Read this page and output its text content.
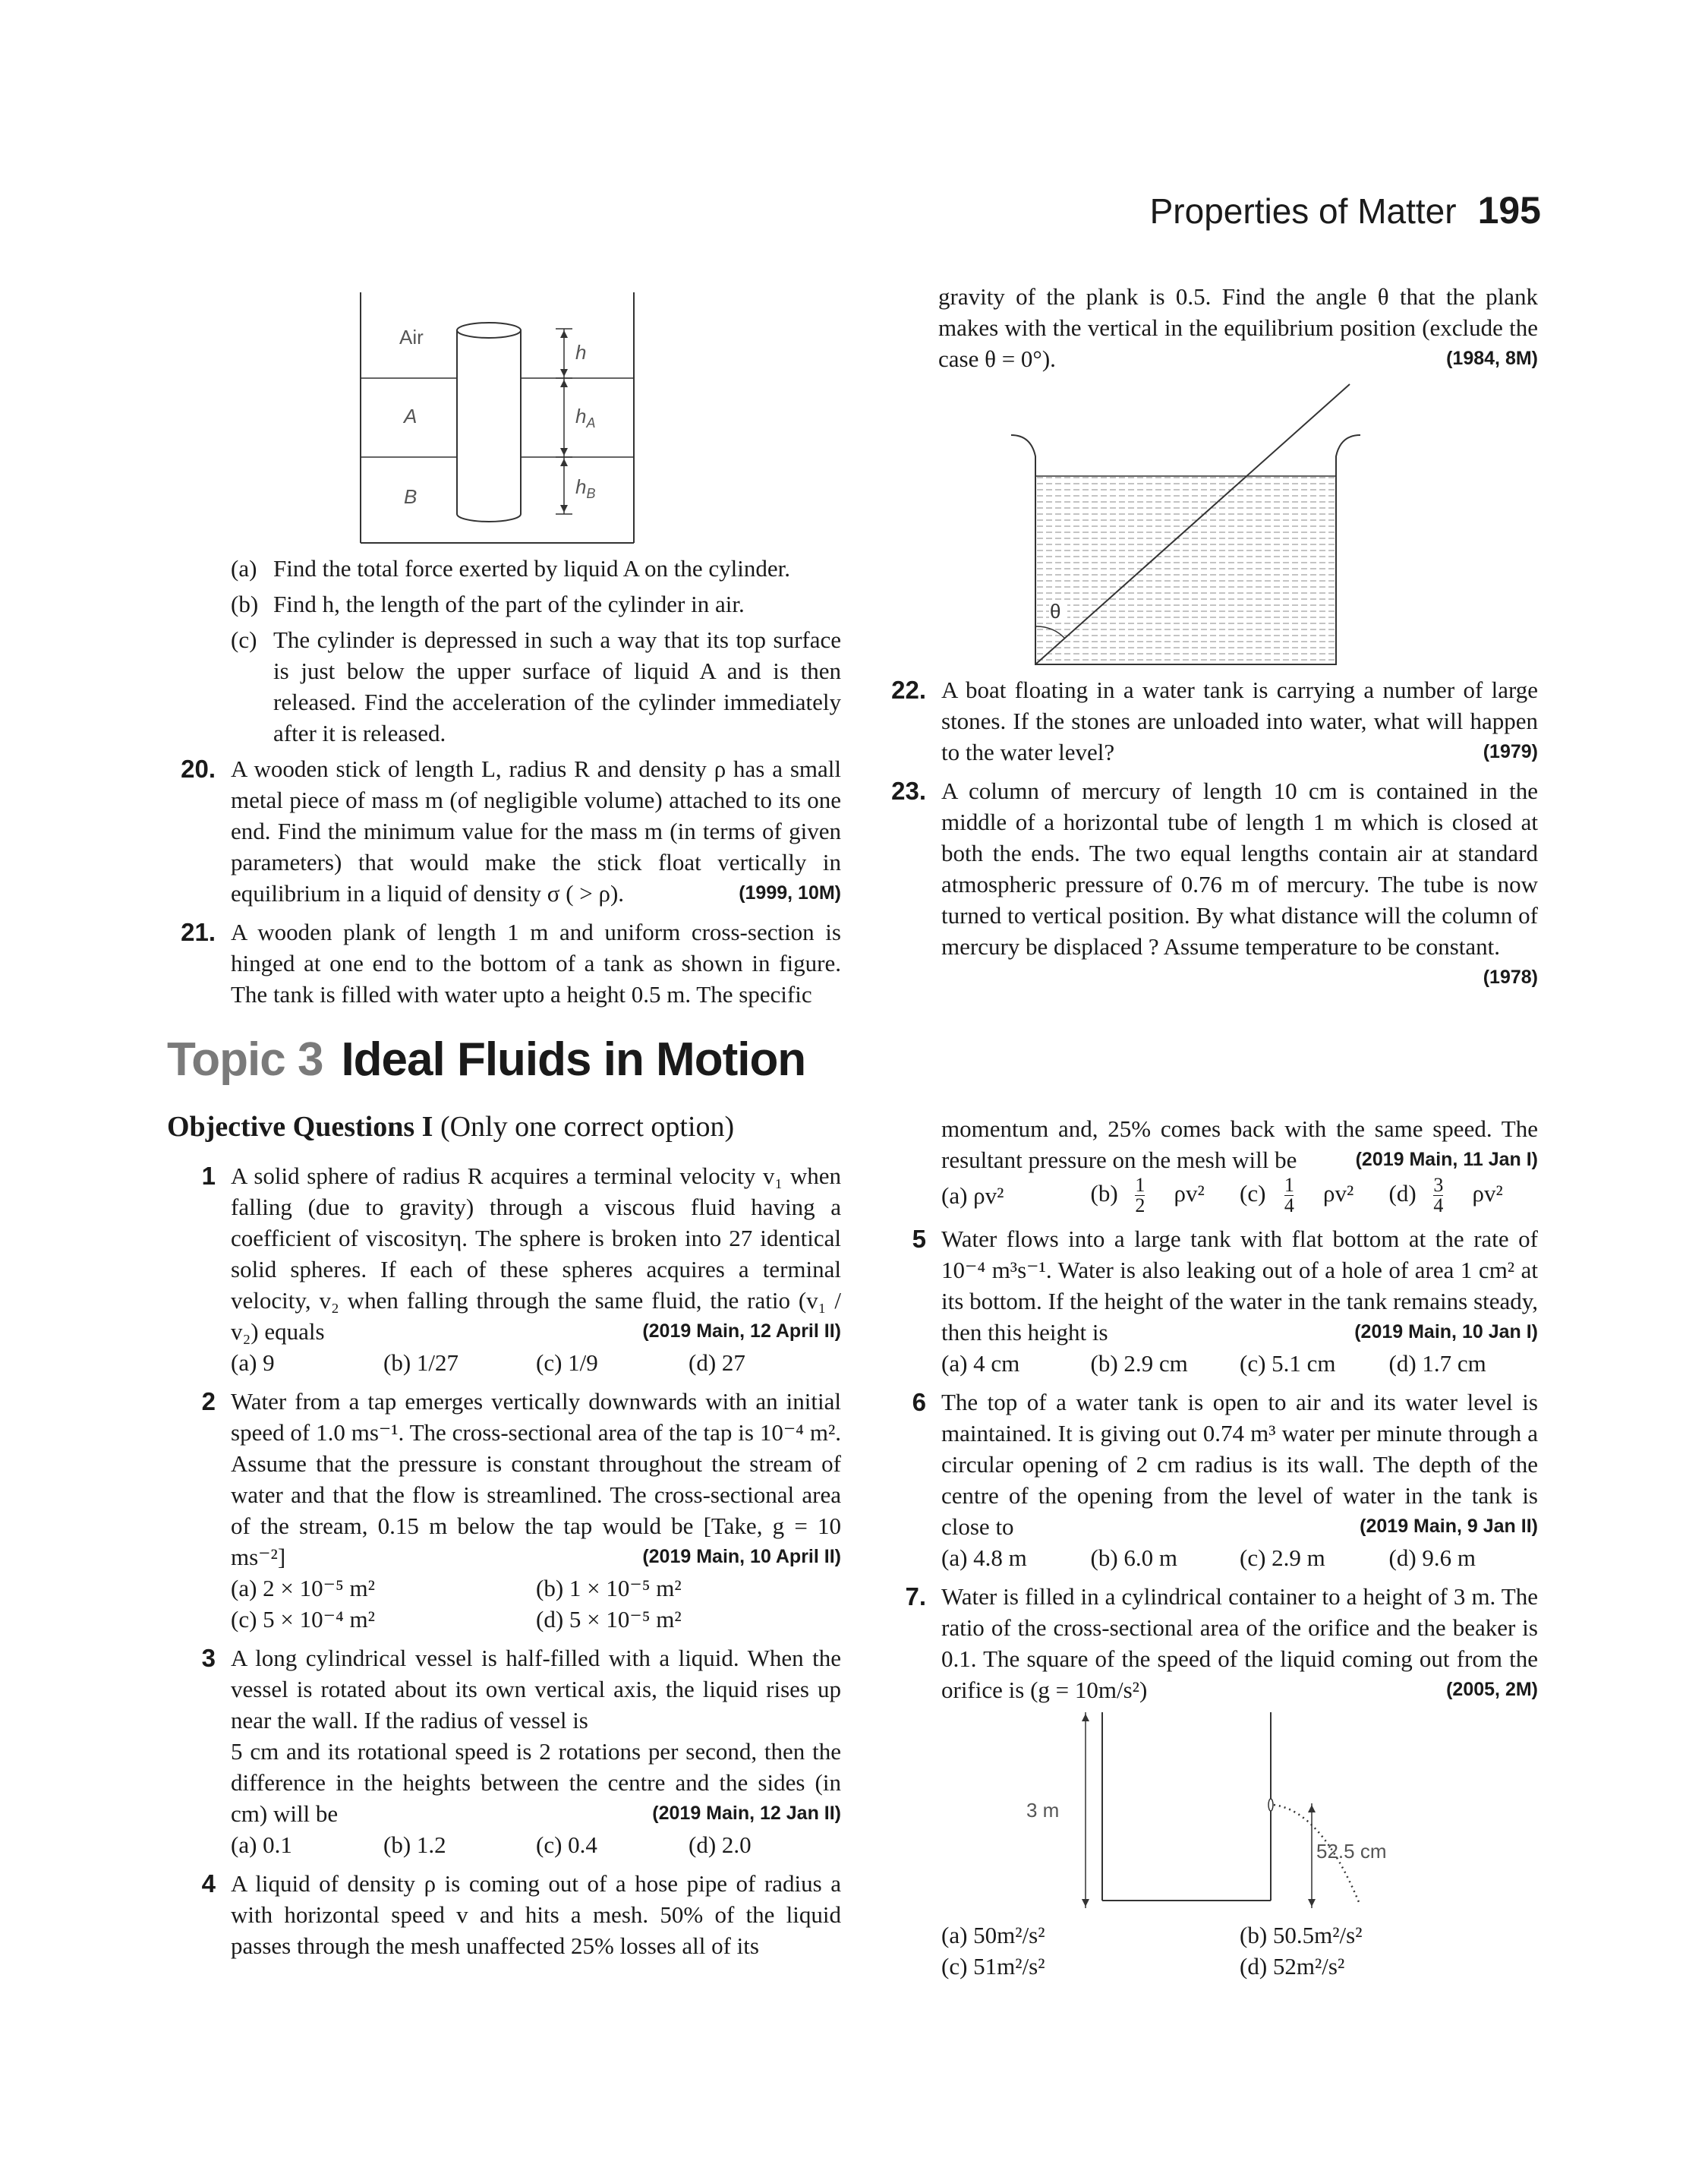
Properties of Matter 195
Air
A
B
h
$h_A$
$h_B$
(a) Find the total force exerted by liquid A on the cylinder.
(b) Find h, the length of the part of the cylinder in air.
(c) The cylinder is depressed in such a way that its top surface is just below the upper surface of liquid A and is then released. Find the acceleration of the cylinder immediately after it is released.
20. A wooden stick of length L, radius R and density ρ has a small metal piece of mass m (of negligible volume) attached to its one end. Find the minimum value for the mass m (in terms of given parameters) that would make the stick float vertically in equilibrium in a liquid of density σ ( > ρ).	(1999, 10M)
21. A wooden plank of length 1 m and uniform cross-section is hinged at one end to the bottom of a tank as shown in figure. The tank is filled with water upto a height 0.5 m. The specific

gravity of the plank is 0.5. Find the angle θ that the plank makes with the vertical in the equilibrium position (exclude the case θ = 0°).	(1984, 8M)

θ
22. A boat floating in a water tank is carrying a number of large stones. If the stones are unloaded into water, what will happen to the water level?	(1979)
23. A column of mercury of length 10 cm is contained in the middle of a horizontal tube of length 1 m which is closed at both the ends. The two equal lengths contain air at standard atmospheric pressure of 0.76 m of mercury. The tube is now turned to vertical position. By what distance will the column of mercury be displaced ? Assume temperature to be constant.
(1978)
Topic 3 Ideal Fluids in Motion
Objective Questions I (Only one correct option)
1 A solid sphere of radius R acquires a terminal velocity v₁ when falling (due to gravity) through a viscous fluid having a coefficient of viscosityη. The sphere is broken into 27 identical solid spheres. If each of these spheres acquires a terminal velocity, v₂ when falling through the same fluid, the ratio (v₁ / v₂) equals	(2019 Main, 12 April II)
(a) 9	(b) 1/27	(c) 1/9	(d) 27
2 Water from a tap emerges vertically downwards with an initial speed of 1.0 ms⁻¹. The cross-sectional area of the tap is 10⁻⁴ m². Assume that the pressure is constant throughout the stream of water and that the flow is streamlined. The cross-sectional area of the stream, 0.15 m below the tap would be [Take, g = 10 ms⁻²]	(2019 Main, 10 April II)
(a) 2 × 10⁻⁵ m²	(b) 1 × 10⁻⁵ m²
(c) 5 × 10⁻⁴ m²	(d) 5 × 10⁻⁵ m²
3 A long cylindrical vessel is half-filled with a liquid. When the vessel is rotated about its own vertical axis, the liquid rises up near the wall. If the radius of vessel is
5 cm and its rotational speed is 2 rotations per second, then the difference in the heights between the centre and the sides (in cm) will be	(2019 Main, 12 Jan II)
(a) 0.1	(b) 1.2	(c) 0.4	(d) 2.0
4 A liquid of density ρ is coming out of a hose pipe of radius a with horizontal speed v and hits a mesh. 50% of the liquid passes through the mesh unaffected 25% losses all of its

momentum and, 25% comes back with the same speed. The resultant pressure on the mesh will be	(2019 Main, 11 Jan I)

(a) ρv²	$(b) \frac{1}{2} \rho v^2$	$(c) \frac{1}{4} \rho v^2$	$(d) \frac{3}{4} \rho v^2$
5 Water flows into a large tank with flat bottom at the rate of 10⁻⁴ m³s⁻¹. Water is also leaking out of a hole of area 1 cm² at its bottom. If the height of the water in the tank remains steady, then this height is	(2019 Main, 10 Jan I)
(a) 4 cm	(b) 2.9 cm	(c) 5.1 cm	(d) 1.7 cm
6 The top of a water tank is open to air and its water level is maintained. It is giving out 0.74 m³ water per minute through a circular opening of 2 cm radius is its wall. The depth of the centre of the opening from the level of water in the tank is close to	(2019 Main, 9 Jan II)
(a) 4.8 m	(b) 6.0 m	(c) 2.9 m	(d) 9.6 m
7. Water is filled in a cylindrical container to a height of 3 m. The ratio of the cross-sectional area of the orifice and the beaker is 0.1. The square of the speed of the liquid coming out from the orifice is (g = 10m/s²)	(2005, 2M)
3 m
52.5 cm
(a) 50m²/s²	(b) 50.5m²/s²
(c) 51m²/s²	(d) 52m²/s²
